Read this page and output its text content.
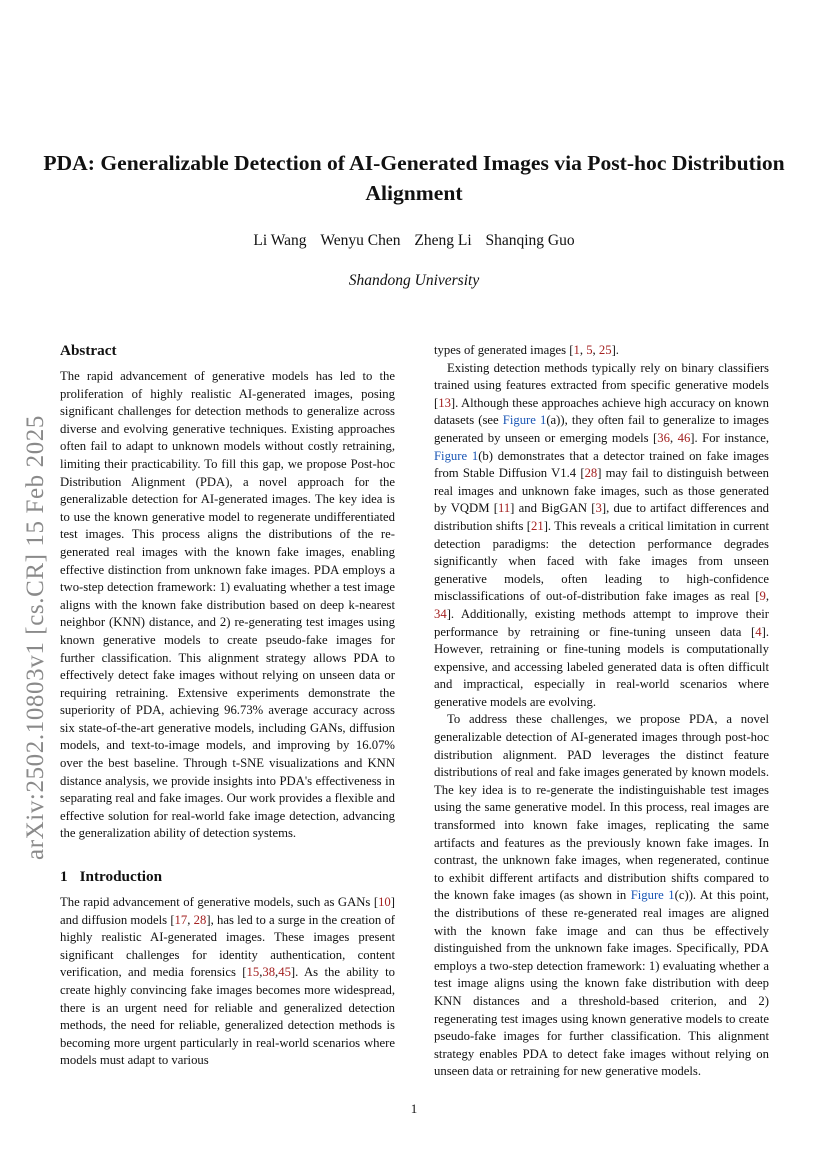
arXiv:2502.10803v1 [cs.CR] 15 Feb 2025
PDA: Generalizable Detection of AI-Generated Images via Post-hoc Distribution Alignment
Li Wang Wenyu Chen Zheng Li Shanqing Guo
Shandong University
Abstract

The rapid advancement of generative models has led to the proliferation of highly realistic AI-generated images, posing significant challenges for detection methods to generalize across diverse and evolving generative techniques. Existing approaches often fail to adapt to unknown models without costly retraining, limiting their practicability. To fill this gap, we propose Post-hoc Distribution Alignment (PDA), a novel approach for the generalizable detection for AI-generated images. The key idea is to use the known generative model to regenerate undifferentiated test images. This process aligns the distributions of the re-generated real images with the known fake images, enabling effective distinction from unknown fake images. PDA employs a two-step detection framework: 1) evaluating whether a test image aligns with the known fake distribution based on deep k-nearest neighbor (KNN) distance, and 2) re-generating test images using known generative models to create pseudo-fake images for further classification. This alignment strategy allows PDA to effectively detect fake images without relying on unseen data or requiring retraining. Extensive experiments demonstrate the superiority of PDA, achieving 96.73% average accuracy across six state-of-the-art generative models, including GANs, diffusion models, and text-to-image models, and improving by 16.07% over the best baseline. Through t-SNE visualizations and KNN distance analysis, we provide insights into PDA's effectiveness in separating real and fake images. Our work provides a flexible and effective solution for real-world fake image detection, advancing the generalization ability of detection systems.

1 Introduction

The rapid advancement of generative models, such as GANs [10] and diffusion models [17, 28], has led to a surge in the creation of highly realistic AI-generated images. These images present significant challenges for identity authentication, content verification, and media forensics [15,38,45]. As the ability to create highly convincing fake images becomes more widespread, there is an urgent need for reliable and generalized detection methods, the need for reliable, generalized detection methods is becoming more urgent particularly in real-world scenarios where models must adapt to various

types of generated images [1, 5, 25].

Existing detection methods typically rely on binary classifiers trained using features extracted from specific generative models [13]. Although these approaches achieve high accuracy on known datasets (see Figure 1(a)), they often fail to generalize to images generated by unseen or emerging models [36, 46]. For instance, Figure 1(b) demonstrates that a detector trained on fake images from Stable Diffusion V1.4 [28] may fail to distinguish between real images and unknown fake images, such as those generated by VQDM [11] and BigGAN [3], due to artifact differences and distribution shifts [21]. This reveals a critical limitation in current detection paradigms: the detection performance degrades significantly when faced with fake images from unseen generative models, often leading to high-confidence misclassifications of out-of-distribution fake images as real [9, 34]. Additionally, existing methods attempt to improve their performance by retraining or fine-tuning unseen data [4]. However, retraining or fine-tuning models is computationally expensive, and accessing labeled generated data is often difficult and impractical, especially in real-world scenarios where generative models are evolving.

To address these challenges, we propose PDA, a novel generalizable detection of AI-generated images through post-hoc distribution alignment. PAD leverages the distinct feature distributions of real and fake images generated by known models. The key idea is to re-generate the indistinguishable test images using the same generative model. In this process, real images are transformed into known fake images, replicating the same artifacts and features as the previously known fake images. In contrast, the unknown fake images, when regenerated, continue to exhibit different artifacts and distribution shifts compared to the known fake images (as shown in Figure 1(c)). At this point, the distributions of these re-generated real images are aligned with the known fake image and can thus be effectively distinguished from the unknown fake images. Specifically, PDA employs a two-step detection framework: 1) evaluating whether a test image aligns using the known fake distribution with deep KNN distances and a threshold-based criterion, and 2) regenerating test images using known generative models to create pseudo-fake images for further classification. This alignment strategy enables PDA to detect fake images without relying on unseen data or retraining for new generative models.

1
